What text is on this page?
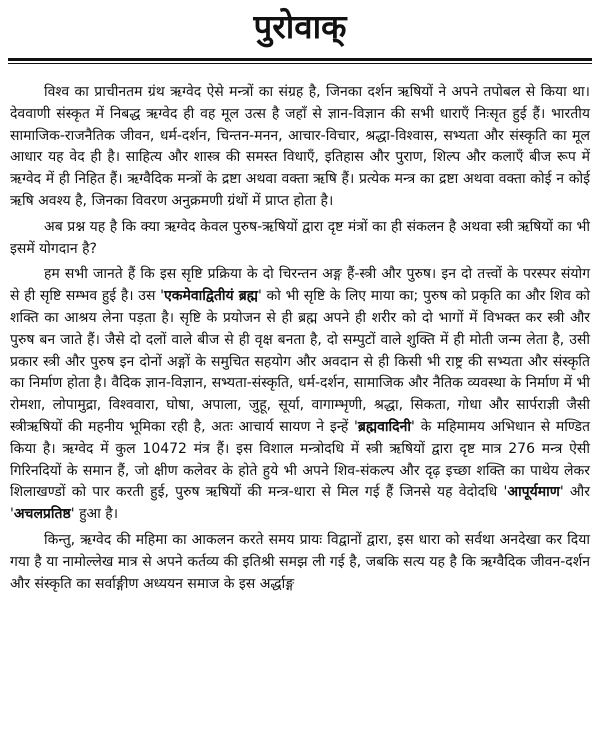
पुरोवाक्

विश्व का प्राचीनतम ग्रंथ ऋग्वेद ऐसे मन्त्रों का संग्रह है, जिनका दर्शन ऋषियों ने अपने तपोबल से किया था। देववाणी संस्कृत में निबद्ध ऋग्वेद ही वह मूल उत्स है जहाँ से ज्ञान-विज्ञान की सभी धाराएँ निःसृत हुई हैं। भारतीय सामाजिक-राजनैतिक जीवन, धर्म-दर्शन, चिन्तन-मनन, आचार-विचार, श्रद्धा-विश्वास, सभ्यता और संस्कृति का मूल आधार यह वेद ही है। साहित्य और शास्त्र की समस्त विधाएँ, इतिहास और पुराण, शिल्प और कलाएँ बीज रूप में ऋग्वेद में ही निहित हैं। ऋग्वैदिक मन्त्रों के द्रष्टा अथवा वक्ता ऋषि हैं। प्रत्येक मन्त्र का द्रष्टा अथवा वक्ता कोई न कोई ऋषि अवश्य है, जिनका विवरण अनुक्रमणी ग्रंथों में प्राप्त होता है।

अब प्रश्न यह है कि क्या ऋग्वेद केवल पुरुष-ऋषियों द्वारा दृष्ट मंत्रों का ही संकलन है अथवा स्त्री ऋषियों का भी इसमें योगदान है?

हम सभी जानते हैं कि इस सृष्टि प्रक्रिया के दो चिरन्तन अङ्ग हैं-स्त्री और पुरुष। इन दो तत्त्वों के परस्पर संयोग से ही सृष्टि सम्भव हुई है। उस 'एकमेवाद्वितीयं ब्रह्म' को भी सृष्टि के लिए माया का; पुरुष को प्रकृति का और शिव को शक्ति का आश्रय लेना पड़ता है। सृष्टि के प्रयोजन से ही ब्रह्म अपने ही शरीर को दो भागों में विभक्त कर स्त्री और पुरुष बन जाते हैं। जैसे दो दलों वाले बीज से ही वृक्ष बनता है, दो सम्पुटों वाले शुक्ति में ही मोती जन्म लेता है, उसी प्रकार स्त्री और पुरुष इन दोनों अङ्गों के समुचित सहयोग और अवदान से ही किसी भी राष्ट्र की सभ्यता और संस्कृति का निर्माण होता है। वैदिक ज्ञान-विज्ञान, सभ्यता-संस्कृति, धर्म-दर्शन, सामाजिक और नैतिक व्यवस्था के निर्माण में भी रोमशा, लोपामुद्रा, विश्ववारा, घोषा, अपाला, जुहू, सूर्या, वागाम्भृणी, श्रद्धा, सिकता, गोधा और सार्पराज्ञी जैसी स्त्रीऋषियों की महनीय भूमिका रही है, अतः आचार्य सायण ने इन्हें 'ब्रह्मवादिनी' के महिमामय अभिधान से मण्डित किया है। ऋग्वेद में कुल 10472 मंत्र हैं। इस विशाल मन्त्रोदधि में स्त्री ऋषियों द्वारा दृष्ट मात्र 276 मन्त्र ऐसी गिरिनदियों के समान हैं, जो क्षीण कलेवर के होते हुये भी अपने शिव-संकल्प और दृढ़ इच्छा शक्ति का पाथेय लेकर शिलाखण्डों को पार करती हुई, पुरुष ऋषियों की मन्त्र-धारा से मिल गई हैं जिनसे यह वेदोदधि 'आपूर्यमाण' और 'अचलप्रतिष्ठ' हुआ है।

किन्तु, ऋग्वेद की महिमा का आकलन करते समय प्रायः विद्वानों द्वारा, इस धारा को सर्वथा अनदेखा कर दिया गया है या नामोल्लेख मात्र से अपने कर्तव्य की इतिश्री समझ ली गई है, जबकि सत्य यह है कि ऋग्वैदिक जीवन-दर्शन और संस्कृति का सर्वाङ्गीण अध्ययन समाज के इस अर्द्धाङ्ग
